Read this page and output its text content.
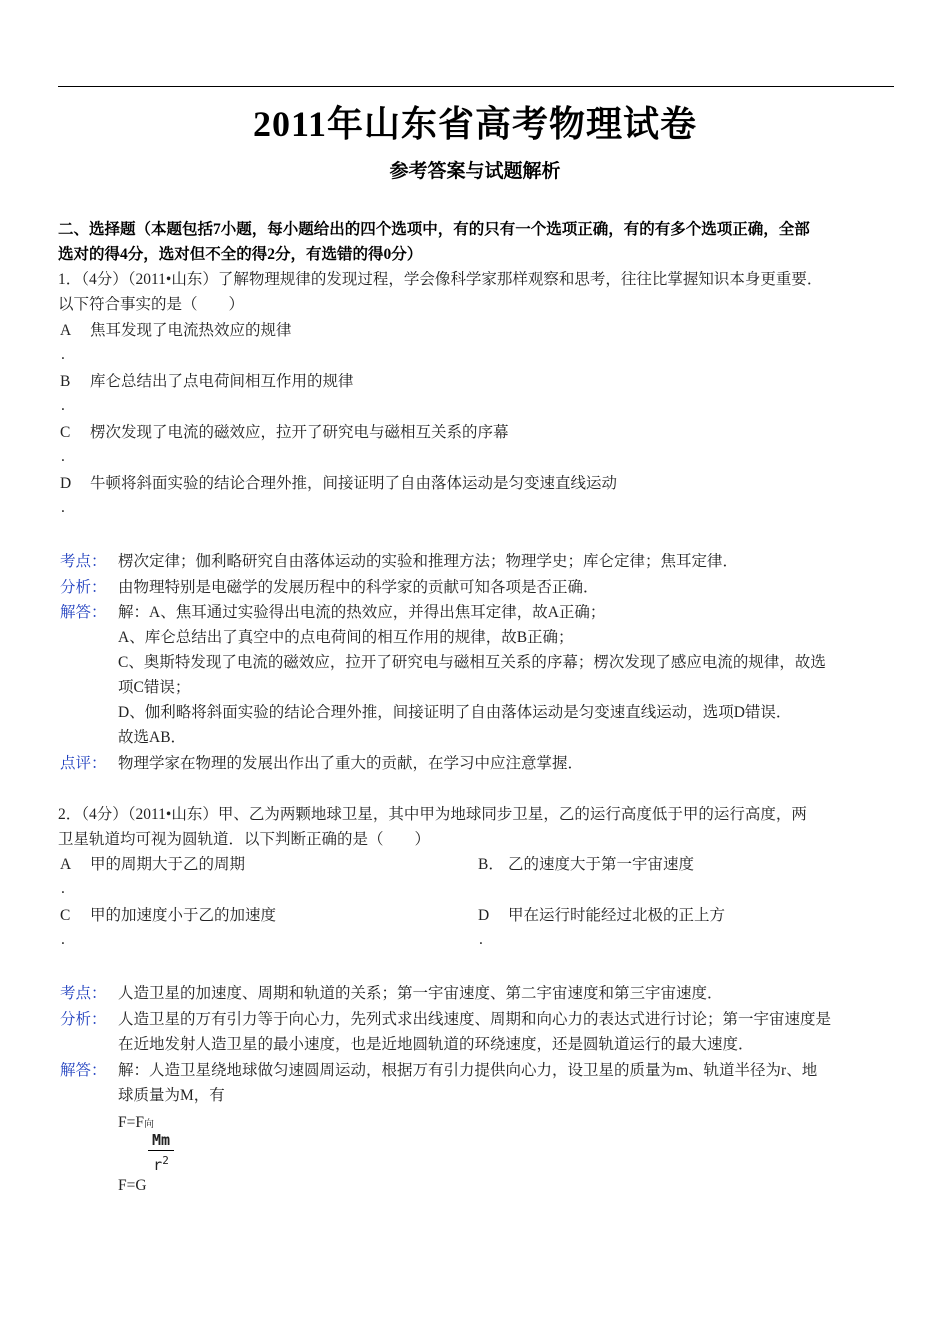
2011年山东省高考物理试卷
参考答案与试题解析
二、选择题（本题包括7小题，每小题给出的四个选项中，有的只有一个选项正确，有的有多个选项正确，全部
选对的得4分，选对但不全的得2分，有选错的得0分）
1．（4分）（2011•山东）了解物理规律的发现过程，学会像科学家那样观察和思考，往往比掌握知识本身更重要．
以下符合事实的是（　　）
A 焦耳发现了电流热效应的规律
.
B 库仑总结出了点电荷间相互作用的规律
.
C 楞次发现了电流的磁效应，拉开了研究电与磁相互关系的序幕
.
D 牛顿将斜面实验的结论合理外推，间接证明了自由落体运动是匀变速直线运动
.
考点： 楞次定律；伽利略研究自由落体运动的实验和推理方法；物理学史；库仑定律；焦耳定律．
分析： 由物理特别是电磁学的发展历程中的科学家的贡献可知各项是否正确．
解答： 解：A、焦耳通过实验得出电流的热效应，并得出焦耳定律，故A正确；
A、库仑总结出了真空中的点电荷间的相互作用的规律，故B正确；
C、奥斯特发现了电流的磁效应，拉开了研究电与磁相互关系的序幕；楞次发现了感应电流的规律，故选
项C错误；
D、伽利略将斜面实验的结论合理外推，间接证明了自由落体运动是匀变速直线运动，选项D错误．
故选AB．
点评： 物理学家在物理的发展出作出了重大的贡献，在学习中应注意掌握．
2．（4分）（2011•山东）甲、乙为两颗地球卫星，其中甲为地球同步卫星，乙的运行高度低于甲的运行高度，两
卫星轨道均可视为圆轨道．以下判断正确的是（　　）
A 甲的周期大于乙的周期
.
B． 乙的速度大于第一宇宙速度
C 甲的加速度小于乙的加速度
.
D 甲在运行时能经过北极的正上方
.
考点： 人造卫星的加速度、周期和轨道的关系；第一宇宙速度、第二宇宙速度和第三宇宙速度．
分析： 人造卫星的万有引力等于向心力，先列式求出线速度、周期和向心力的表达式进行讨论；第一宇宙速度是
在近地发射人造卫星的最小速度，也是近地圆轨道的环绕速度，还是圆轨道运行的最大速度．
解答： 解：人造卫星绕地球做匀速圆周运动，根据万有引力提供向心力，设卫星的质量为m、轨道半径为r、地
球质量为M，有
F=F向
Mm
$r^2$
F=G
